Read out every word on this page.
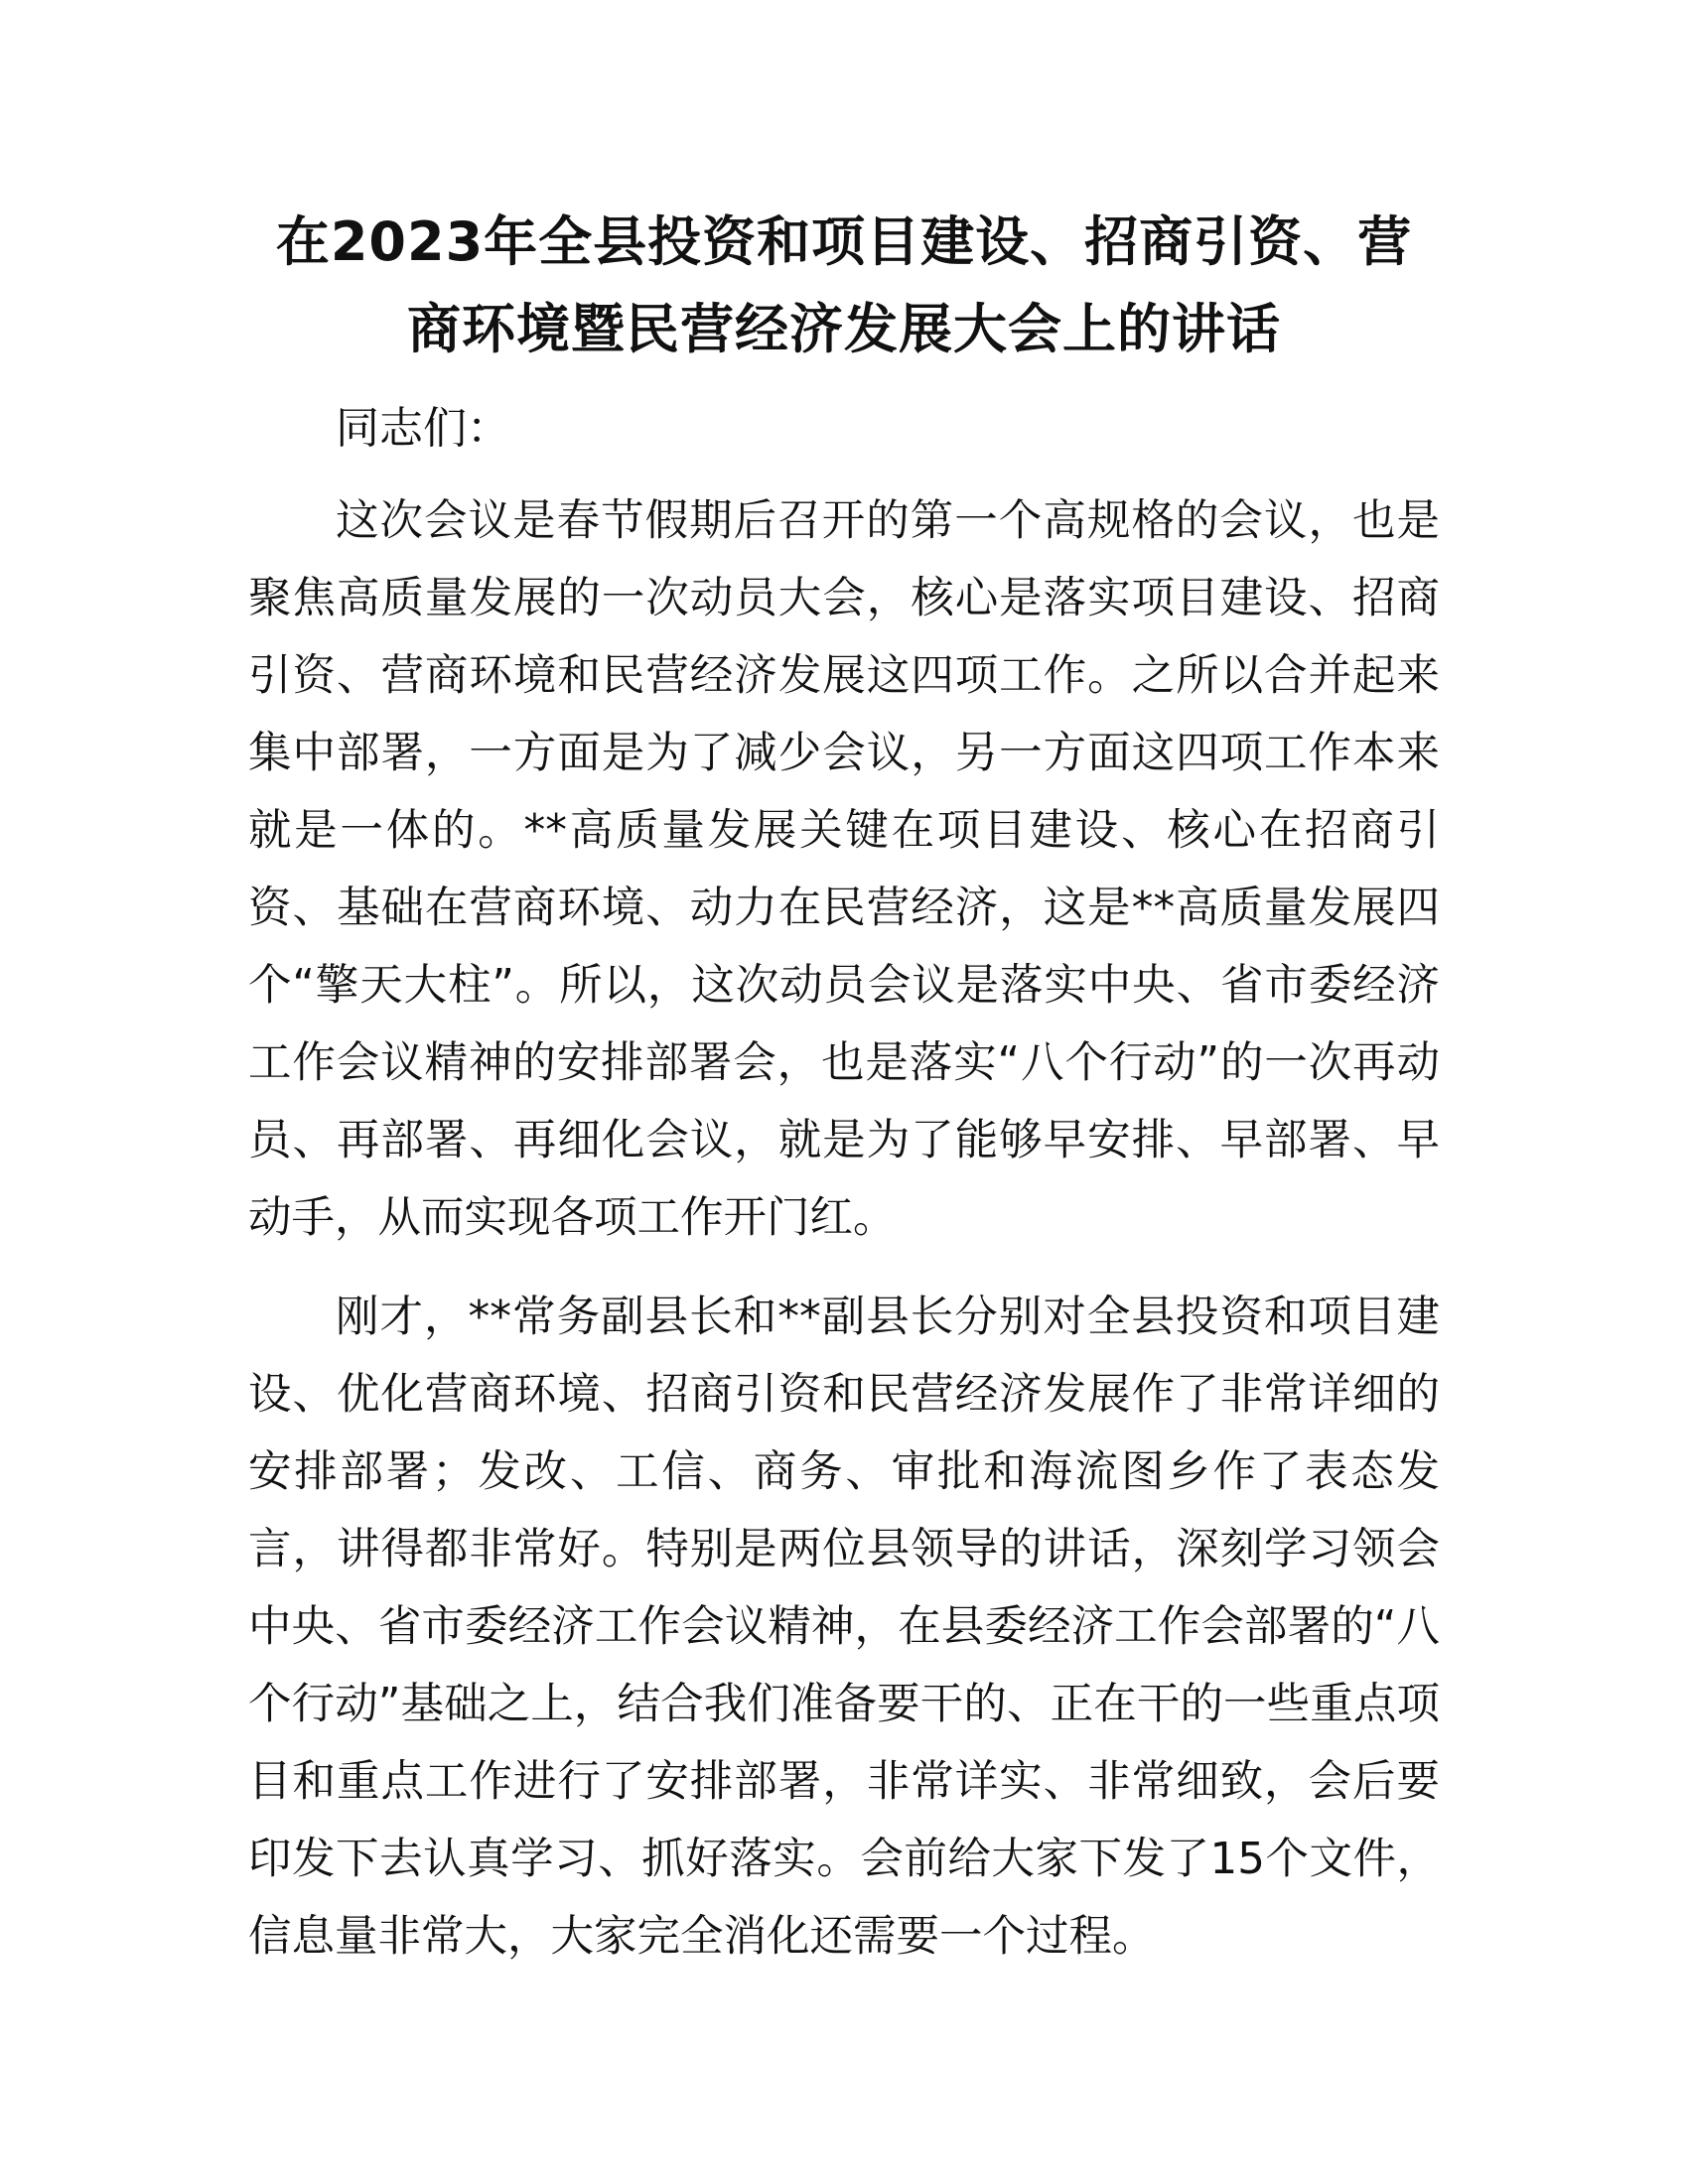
在2023年全县投资和项目建设、招商引资、营
商环境暨民营经济发展大会上的讲话

同志们：

这次会议是春节假期后召开的第一个高规格的会议，也是聚焦高质量发展的一次动员大会，核心是落实项目建设、招商引资、营商环境和民营经济发展这四项工作。之所以合并起来集中部署，一方面是为了减少会议，另一方面这四项工作本来就是一体的。**高质量发展关键在项目建设、核心在招商引资、基础在营商环境、动力在民营经济，这是**高质量发展四个“擎天大柱”。所以，这次动员会议是落实中央、省市委经济工作会议精神的安排部署会，也是落实“八个行动”的一次再动员、再部署、再细化会议，就是为了能够早安排、早部署、早动手，从而实现各项工作开门红。

刚才，**常务副县长和**副县长分别对全县投资和项目建设、优化营商环境、招商引资和民营经济发展作了非常详细的安排部署；发改、工信、商务、审批和海流图乡作了表态发言，讲得都非常好。特别是两位县领导的讲话，深刻学习领会中央、省市委经济工作会议精神，在县委经济工作会部署的“八个行动”基础之上，结合我们准备要干的、正在干的一些重点项目和重点工作进行了安排部署，非常详实、非常细致，会后要印发下去认真学习、抓好落实。会前给大家下发了15个文件，信息量非常大，大家完全消化还需要一个过程。
